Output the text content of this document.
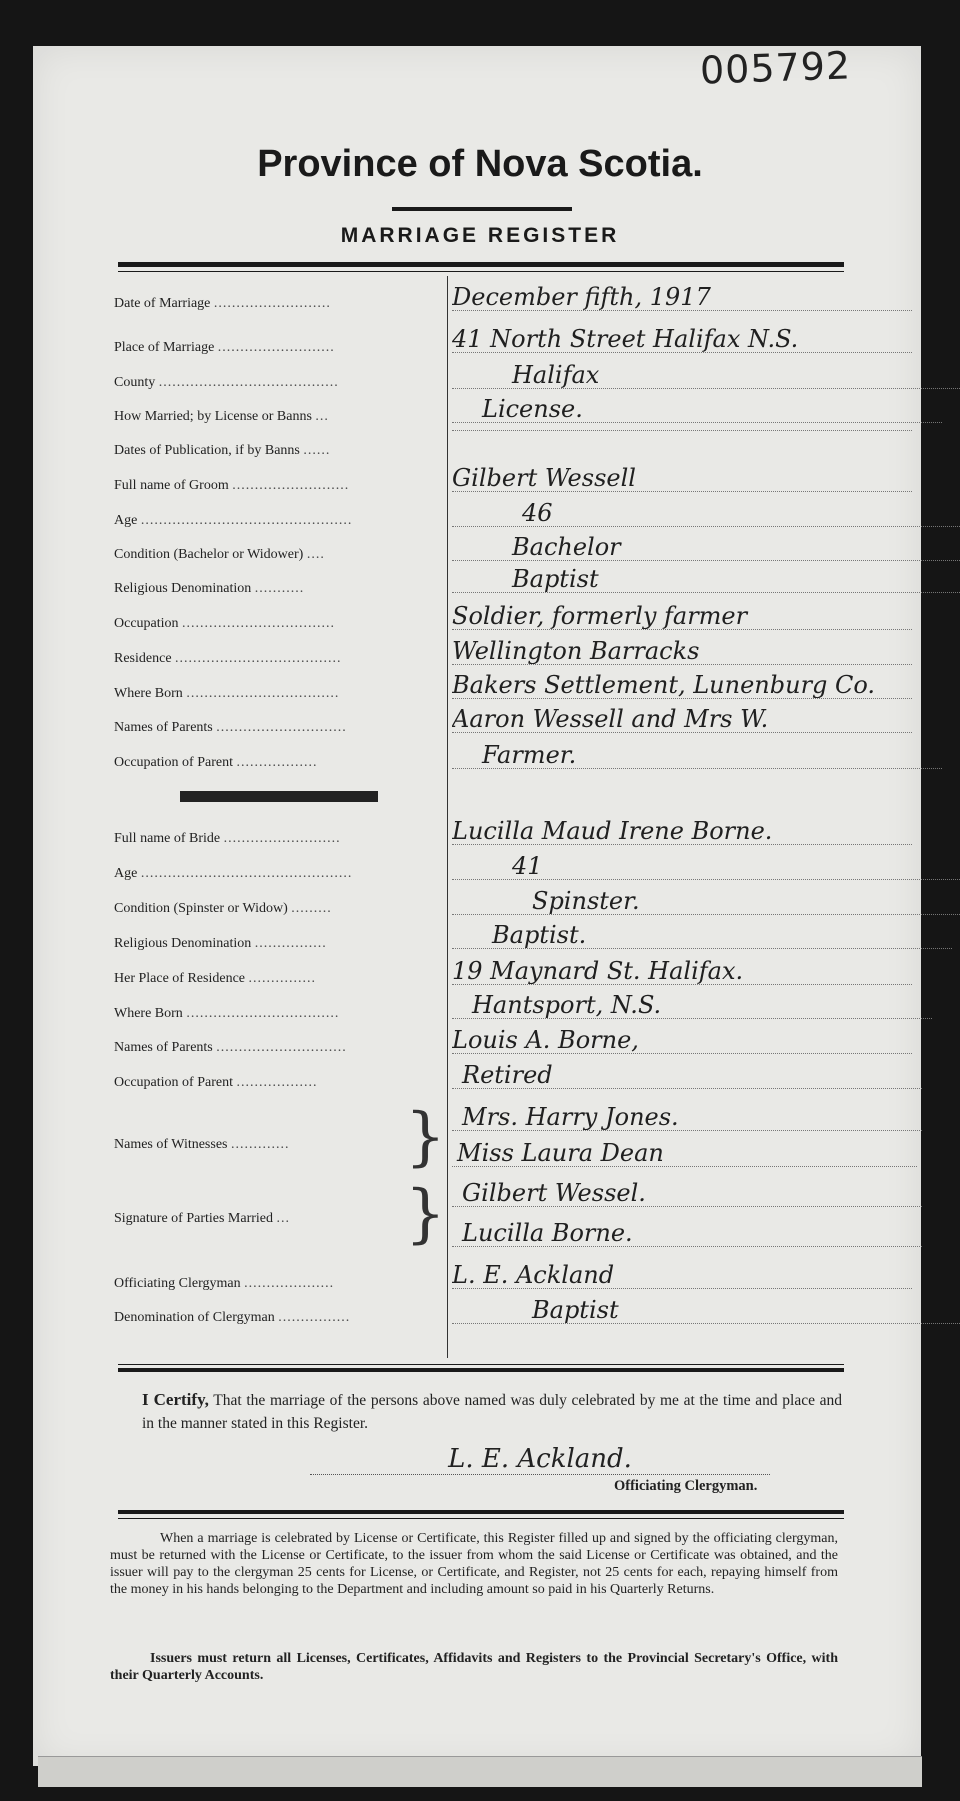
005792
Province of Nova Scotia.
MARRIAGE REGISTER
Date of Marriage ..........................	December fifth, 1917
Place of Marriage ..........................	41 North Street Halifax N.S.
County ........................................	Halifax
How Married; by License or Banns ...	License.
Dates of Publication, if by Banns ......
Full name of Groom ..........................	Gilbert Wessell
Age ...............................................	46
Condition (Bachelor or Widower) ....	Bachelor
Religious Denomination ...........	Baptist
Occupation ..................................	Soldier, formerly farmer
Residence .....................................	Wellington Barracks
Where Born ..................................	Bakers Settlement, Lunenburg Co.
Names of Parents .............................	Aaron Wessell and Mrs W.
Occupation of Parent ..................	Farmer.
Full name of Bride ..........................	Lucilla Maud Irene Borne.
Age ...............................................	41
Condition (Spinster or Widow) .........	Spinster.
Religious Denomination ................	Baptist.
Her Place of Residence ...............	19 Maynard St. Halifax.
Where Born ..................................	Hantsport, N.S.
Names of Parents .............................	Louis A. Borne,
Occupation of Parent ..................	Retired
Names of Witnesses .............	} Mrs. Harry Jones.
Miss Laura Dean
Signature of Parties Married ...	} Gilbert Wessel.
Lucilla Borne.
Officiating Clergyman ....................	L. E. Ackland
Denomination of Clergyman ................	Baptist
I Certify, That the marriage of the persons above named was duly celebrated by me at the time and place and in the manner stated in this Register.
L. E. Ackland.
Officiating Clergyman.
When a marriage is celebrated by License or Certificate, this Register filled up and signed by the officiating clergyman, must be returned with the License or Certificate, to the issuer from whom the said License or Certificate was obtained, and the issuer will pay to the clergyman 25 cents for License, or Certificate, and Register, not 25 cents for each, repaying himself from the money in his hands belonging to the Department and including amount so paid in his Quarterly Returns.
Issuers must return all Licenses, Certificates, Affidavits and Registers to the Provincial Secretary's Office, with their Quarterly Accounts.
